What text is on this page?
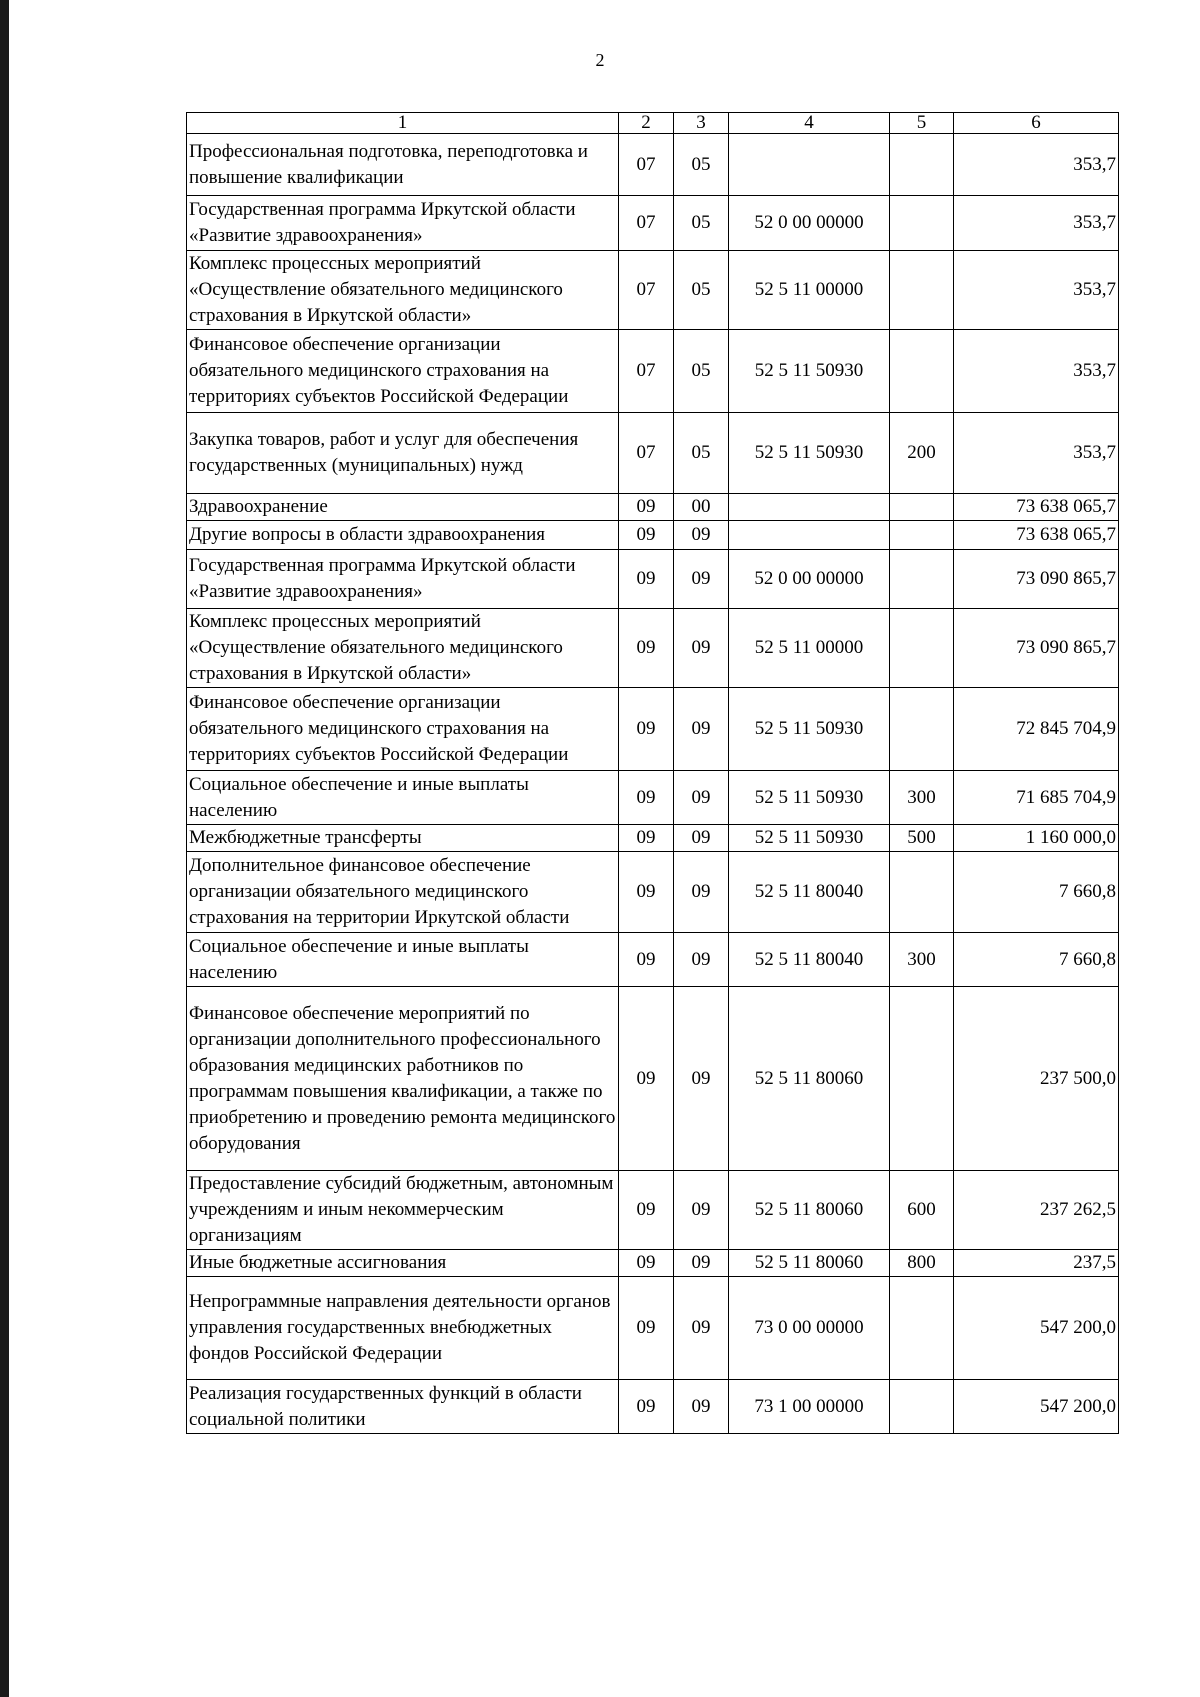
2
1	2	3	4	5	6
Профессиональная подготовка, переподготовка и повышение квалификации	07	05			353,7
Государственная программа Иркутской области «Развитие здравоохранения»	07	05	52 0 00 00000		353,7
Комплекс процессных мероприятий «Осуществление обязательного медицинского страхования в Иркутской области»	07	05	52 5 11 00000		353,7
Финансовое обеспечение организации обязательного медицинского страхования на территориях субъектов Российской Федерации	07	05	52 5 11 50930		353,7
Закупка товаров, работ и услуг для обеспечения государственных (муниципальных) нужд	07	05	52 5 11 50930	200	353,7
Здравоохранение	09	00			73 638 065,7
Другие вопросы в области здравоохранения	09	09			73 638 065,7
Государственная программа Иркутской области «Развитие здравоохранения»	09	09	52 0 00 00000		73 090 865,7
Комплекс процессных мероприятий «Осуществление обязательного медицинского страхования в Иркутской области»	09	09	52 5 11 00000		73 090 865,7
Финансовое обеспечение организации обязательного медицинского страхования на территориях субъектов Российской Федерации	09	09	52 5 11 50930		72 845 704,9
Социальное обеспечение и иные выплаты населению	09	09	52 5 11 50930	300	71 685 704,9
Межбюджетные трансферты	09	09	52 5 11 50930	500	1 160 000,0
Дополнительное финансовое обеспечение организации обязательного медицинского страхования на территории Иркутской области	09	09	52 5 11 80040		7 660,8
Социальное обеспечение и иные выплаты населению	09	09	52 5 11 80040	300	7 660,8
Финансовое обеспечение мероприятий по организации дополнительного профессионального образования медицинских работников по программам повышения квалификации, а также по приобретению и проведению ремонта медицинского оборудования	09	09	52 5 11 80060		237 500,0
Предоставление субсидий бюджетным, автономным учреждениям и иным некоммерческим организациям	09	09	52 5 11 80060	600	237 262,5
Иные бюджетные ассигнования	09	09	52 5 11 80060	800	237,5
Непрограммные направления деятельности органов управления государственных внебюджетных фондов Российской Федерации	09	09	73 0 00 00000		547 200,0
Реализация государственных функций в области социальной политики	09	09	73 1 00 00000		547 200,0
